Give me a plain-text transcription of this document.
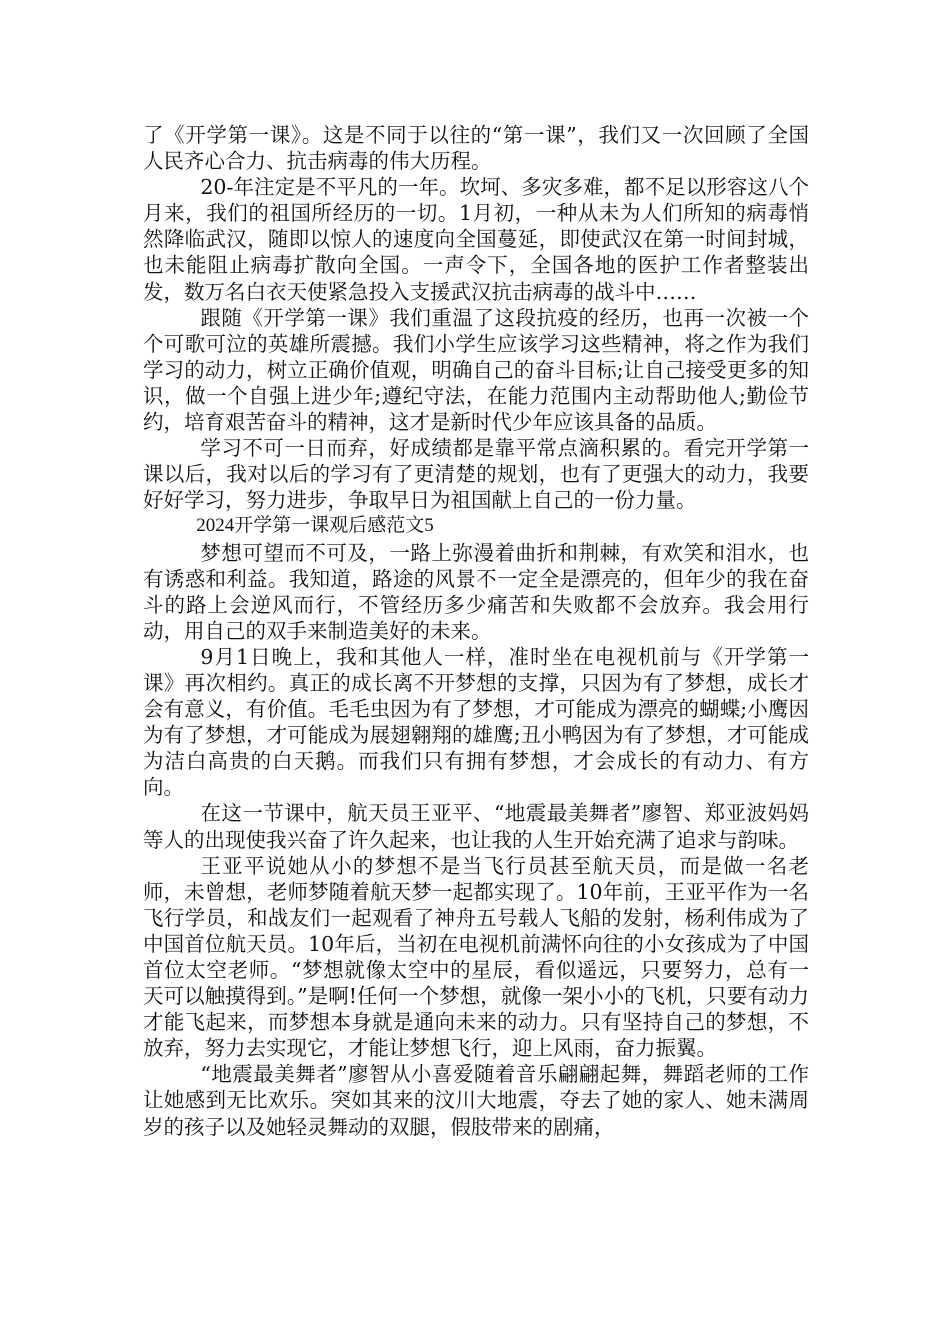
了《开学第一课》。这是不同于以往的“第一课”，我们又一次回顾了全国人民齐心合力、抗击病毒的伟大历程。

20-年注定是不平凡的一年。坎坷、多灾多难，都不足以形容这八个月来，我们的祖国所经历的一切。1月初，一种从未为人们所知的病毒悄然降临武汉，随即以惊人的速度向全国蔓延，即使武汉在第一时间封城，也未能阻止病毒扩散向全国。一声令下，全国各地的医护工作者整装出发，数万名白衣天使紧急投入支援武汉抗击病毒的战斗中……

跟随《开学第一课》我们重温了这段抗疫的经历，也再一次被一个个可歌可泣的英雄所震撼。我们小学生应该学习这些精神，将之作为我们学习的动力，树立正确价值观，明确自己的奋斗目标;让自己接受更多的知识，做一个自强上进少年;遵纪守法，在能力范围内主动帮助他人;勤俭节约，培育艰苦奋斗的精神，这才是新时代少年应该具备的品质。

学习不可一日而弃，好成绩都是靠平常点滴积累的。看完开学第一课以后，我对以后的学习有了更清楚的规划，也有了更强大的动力，我要好好学习，努力进步，争取早日为祖国献上自己的一份力量。

2024开学第一课观后感范文5

梦想可望而不可及，一路上弥漫着曲折和荆棘，有欢笑和泪水，也有诱惑和利益。我知道，路途的风景不一定全是漂亮的，但年少的我在奋斗的路上会逆风而行，不管经历多少痛苦和失败都不会放弃。我会用行动，用自己的双手来制造美好的未来。

9月1日晚上，我和其他人一样，准时坐在电视机前与《开学第一课》再次相约。真正的成长离不开梦想的支撑，只因为有了梦想，成长才会有意义，有价值。毛毛虫因为有了梦想，才可能成为漂亮的蝴蝶;小鹰因为有了梦想，才可能成为展翅翱翔的雄鹰;丑小鸭因为有了梦想，才可能成为洁白高贵的白天鹅。而我们只有拥有梦想，才会成长的有动力、有方向。

在这一节课中，航天员王亚平、“地震最美舞者”廖智、郑亚波妈妈等人的出现使我兴奋了许久起来，也让我的人生开始充满了追求与韵味。

王亚平说她从小的梦想不是当飞行员甚至航天员，而是做一名老师，未曾想，老师梦随着航天梦一起都实现了。10年前，王亚平作为一名飞行学员，和战友们一起观看了神舟五号载人飞船的发射，杨利伟成为了中国首位航天员。10年后，当初在电视机前满怀向往的小女孩成为了中国首位太空老师。“梦想就像太空中的星辰，看似遥远，只要努力，总有一天可以触摸得到。”是啊!任何一个梦想，就像一架小小的飞机，只要有动力才能飞起来，而梦想本身就是通向未来的动力。只有坚持自己的梦想，不放弃，努力去实现它，才能让梦想飞行，迎上风雨，奋力振翼。

“地震最美舞者”廖智从小喜爱随着音乐翩翩起舞，舞蹈老师的工作让她感到无比欢乐。突如其来的汶川大地震，夺去了她的家人、她未满周岁的孩子以及她轻灵舞动的双腿，假肢带来的剧痛，
